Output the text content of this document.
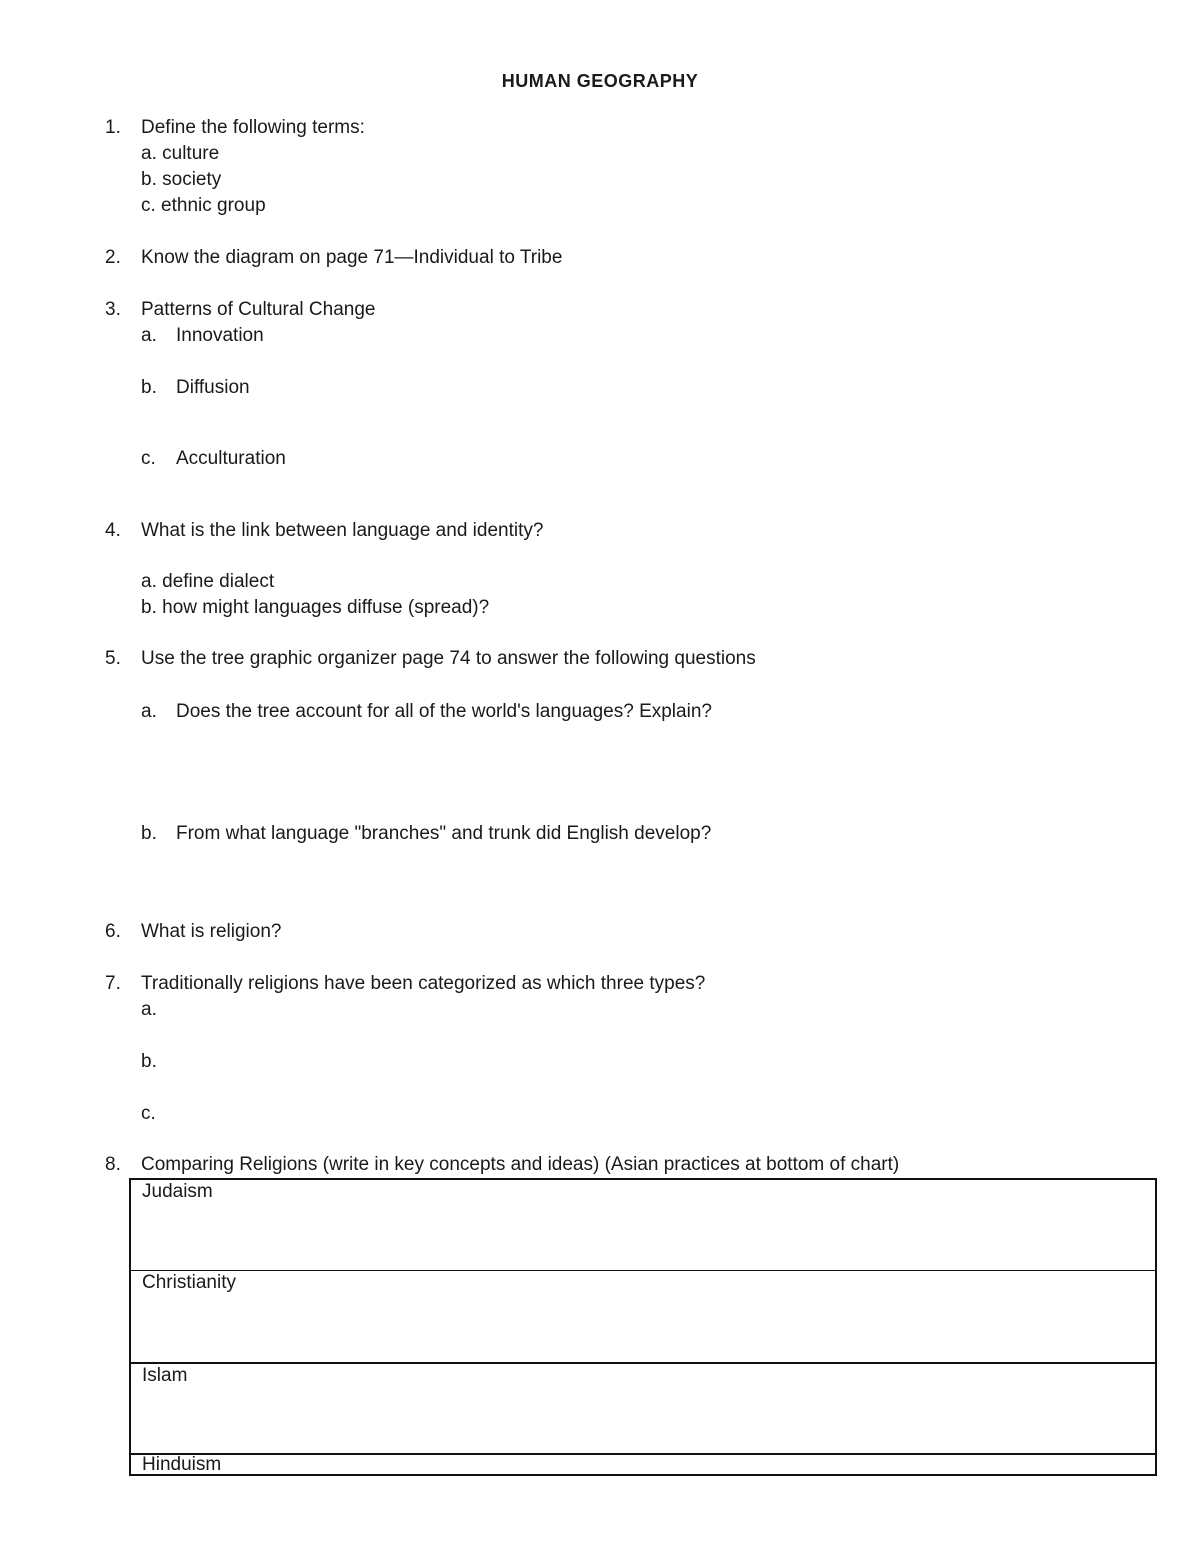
HUMAN GEOGRAPHY
1. Define the following terms:
a. culture
b. society
c. ethnic group
2. Know the diagram on page 71—Individual to Tribe
3. Patterns of Cultural Change
a. Innovation
b. Diffusion
c. Acculturation
4. What is the link between language and identity?
a. define dialect
b. how might languages diffuse (spread)?
5. Use the tree graphic organizer page 74 to answer the following questions
a. Does the tree account for all of the world's languages? Explain?
b. From what language "branches" and trunk did English develop?
6. What is religion?
7. Traditionally religions have been categorized as which three types?
a.
b.
c.
8. Comparing Religions (write in key concepts and ideas) (Asian practices at bottom of chart)
Judaism
Christianity
Islam
Hinduism
